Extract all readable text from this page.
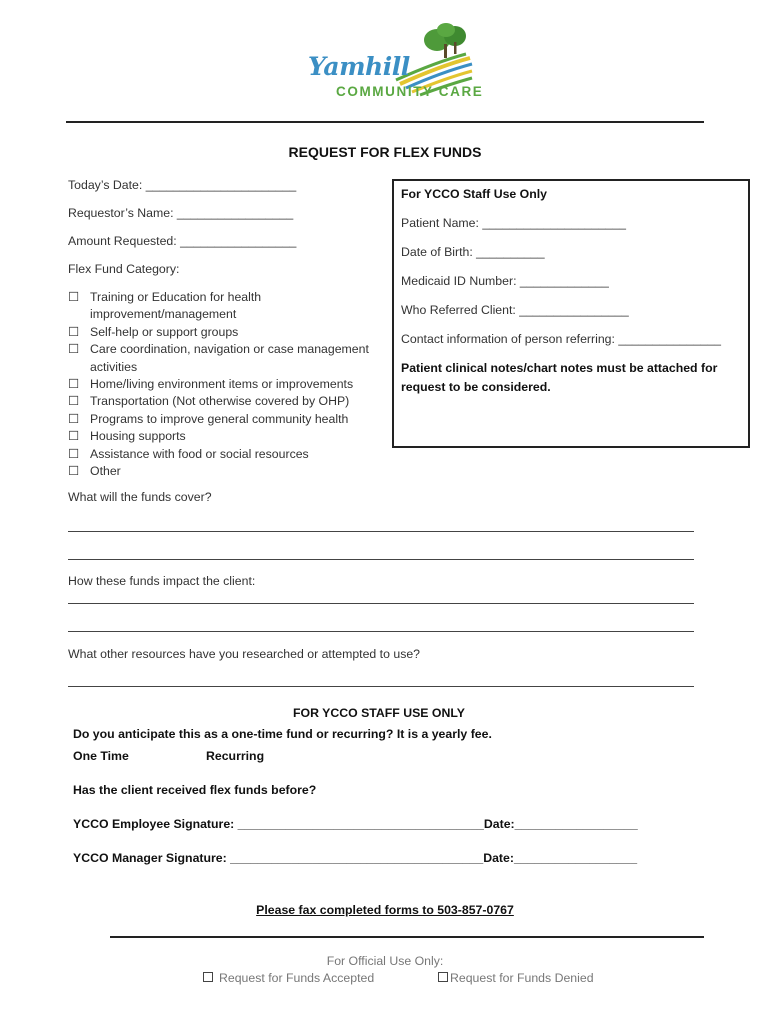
Yamhill
COMMUNITY CARE
REQUEST FOR FLEX FUNDS
Today’s Date: ______________________
Requestor’s Name: _________________
Amount Requested: _________________
Flex Fund Category:
☐ Training or Education for health
improvement/management
☐ Self-help or support groups
☐ Care coordination, navigation or case management
activities
☐ Home/living environment items or improvements
☐ Transportation (Not otherwise covered by OHP)
☐ Programs to improve general community health
☐ Housing supports
☐ Assistance with food or social resources
☐ Other
For YCCO Staff Use Only
Patient Name: _____________________
Date of Birth: __________
Medicaid ID Number: _____________
Who Referred Client: ________________
Contact information of person referring: _______________
Patient clinical notes/chart notes must be attached for
request to be considered.
What will the funds cover?
How these funds impact the client:
What other resources have you researched or attempted to use?
FOR YCCO STAFF USE ONLY
Do you anticipate this as a one-time fund or recurring? It is a yearly fee.
One Time	Recurring
Has the client received flex funds before?
YCCO Employee Signature: ____________________________________Date:__________________
YCCO Manager Signature: _____________________________________Date:__________________
Please fax completed forms to 503-857-0767
For Official Use Only:
Request for Funds Accepted	Request for Funds Denied
